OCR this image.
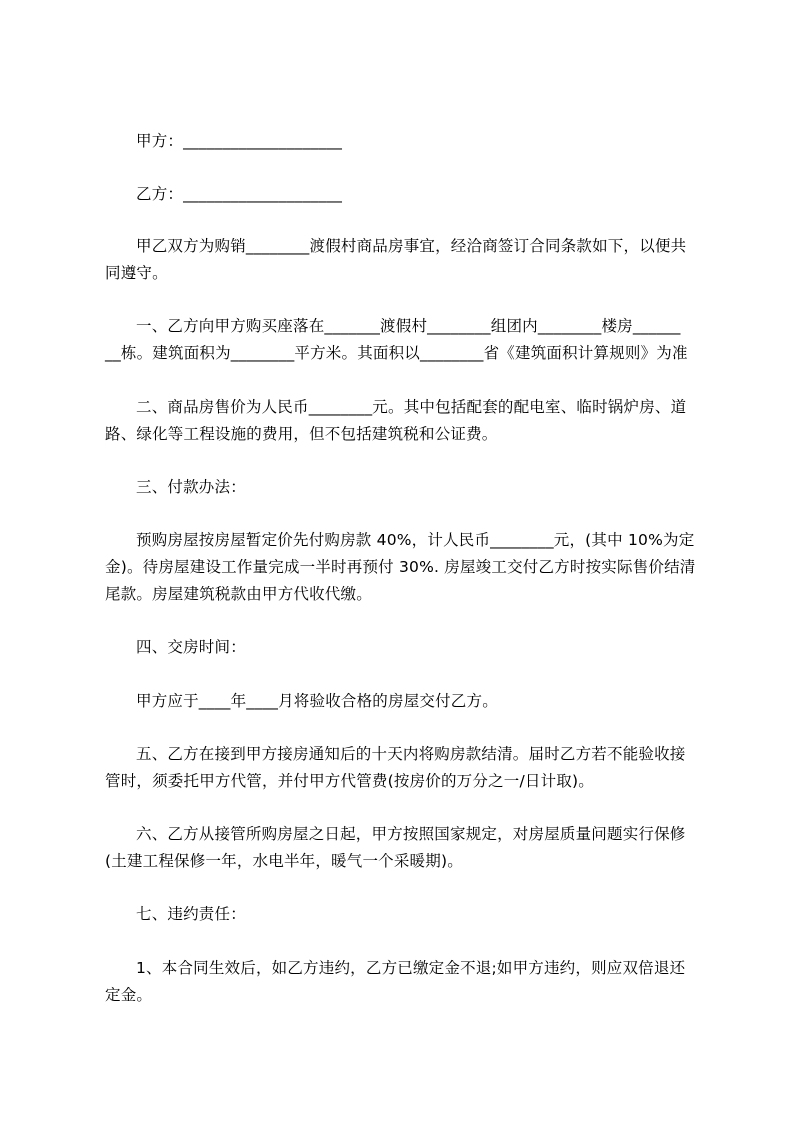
甲方：____________________
乙方：____________________
甲乙双方为购销________渡假村商品房事宜，经洽商签订合同条款如下，以便共
同遵守。
一、乙方向甲方购买座落在_______渡假村________组团内________楼房______
__栋。建筑面积为________平方米。其面积以________省《建筑面积计算规则》为准
二、商品房售价为人民币________元。其中包括配套的配电室、临时锅炉房、道
路、绿化等工程设施的费用，但不包括建筑税和公证费。
三、付款办法：
预购房屋按房屋暂定价先付购房款 40%，计人民币________元，(其中 10%为定
金)。待房屋建设工作量完成一半时再预付 30%. 房屋竣工交付乙方时按实际售价结清
尾款。房屋建筑税款由甲方代收代缴。
四、交房时间：
甲方应于____年____月将验收合格的房屋交付乙方。
五、乙方在接到甲方接房通知后的十天内将购房款结清。届时乙方若不能验收接
管时，须委托甲方代管，并付甲方代管费(按房价的万分之一/日计取)。
六、乙方从接管所购房屋之日起，甲方按照国家规定，对房屋质量问题实行保修
(土建工程保修一年，水电半年，暖气一个采暖期)。
七、违约责任：
1、本合同生效后，如乙方违约，乙方已缴定金不退;如甲方违约，则应双倍退还
定金。
